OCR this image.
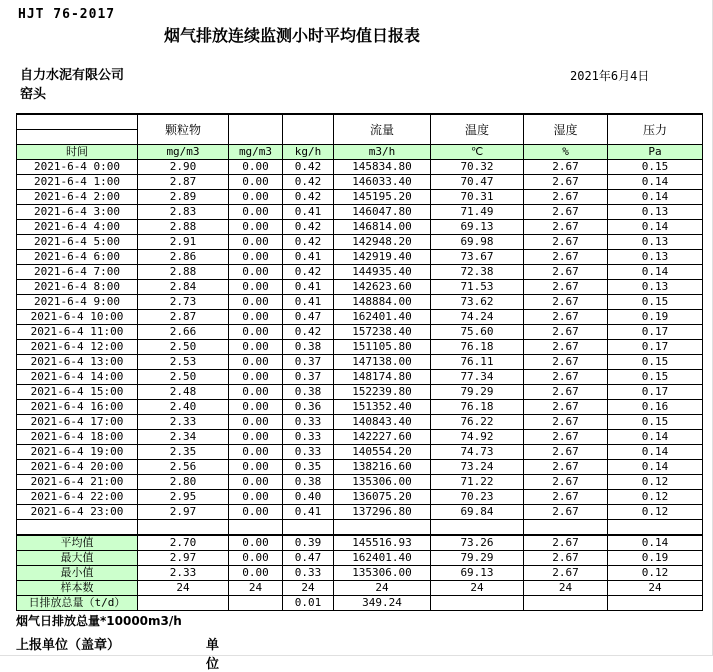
HJT 76-2017
烟气排放连续监测小时平均值日报表
自力水泥有限公司	2021年6月4日
窑头
	颗粒物			流量	温度	湿度	压力
时间	mg/m3	mg/m3	kg/h	m3/h	℃	%	Pa
2021-6-4 0:00	2.90	0.00	0.42	145834.80	70.32	2.67	0.15
2021-6-4 1:00	2.87	0.00	0.42	146033.40	70.47	2.67	0.14
2021-6-4 2:00	2.89	0.00	0.42	145195.20	70.31	2.67	0.14
2021-6-4 3:00	2.83	0.00	0.41	146047.80	71.49	2.67	0.13
2021-6-4 4:00	2.88	0.00	0.42	146814.00	69.13	2.67	0.14
2021-6-4 5:00	2.91	0.00	0.42	142948.20	69.98	2.67	0.13
2021-6-4 6:00	2.86	0.00	0.41	142919.40	73.67	2.67	0.13
2021-6-4 7:00	2.88	0.00	0.42	144935.40	72.38	2.67	0.14
2021-6-4 8:00	2.84	0.00	0.41	142623.60	71.53	2.67	0.13
2021-6-4 9:00	2.73	0.00	0.41	148884.00	73.62	2.67	0.15
2021-6-4 10:00	2.87	0.00	0.47	162401.40	74.24	2.67	0.19
2021-6-4 11:00	2.66	0.00	0.42	157238.40	75.60	2.67	0.17
2021-6-4 12:00	2.50	0.00	0.38	151105.80	76.18	2.67	0.17
2021-6-4 13:00	2.53	0.00	0.37	147138.00	76.11	2.67	0.15
2021-6-4 14:00	2.50	0.00	0.37	148174.80	77.34	2.67	0.15
2021-6-4 15:00	2.48	0.00	0.38	152239.80	79.29	2.67	0.17
2021-6-4 16:00	2.40	0.00	0.36	151352.40	76.18	2.67	0.16
2021-6-4 17:00	2.33	0.00	0.33	140843.40	76.22	2.67	0.15
2021-6-4 18:00	2.34	0.00	0.33	142227.60	74.92	2.67	0.14
2021-6-4 19:00	2.35	0.00	0.33	140554.20	74.73	2.67	0.14
2021-6-4 20:00	2.56	0.00	0.35	138216.60	73.24	2.67	0.14
2021-6-4 21:00	2.80	0.00	0.38	135306.00	71.22	2.67	0.12
2021-6-4 22:00	2.95	0.00	0.40	136075.20	70.23	2.67	0.12
2021-6-4 23:00	2.97	0.00	0.41	137296.80	69.84	2.67	0.12

平均值	2.70	0.00	0.39	145516.93	73.26	2.67	0.14
最大值	2.97	0.00	0.47	162401.40	79.29	2.67	0.19
最小值	2.33	0.00	0.33	135306.00	69.13	2.67	0.12
样本数	24	24	24	24	24	24	24
日排放总量（t/d）			0.01	349.24			
烟气日排放总量*10000m3/h
上报单位（盖章）	单位
